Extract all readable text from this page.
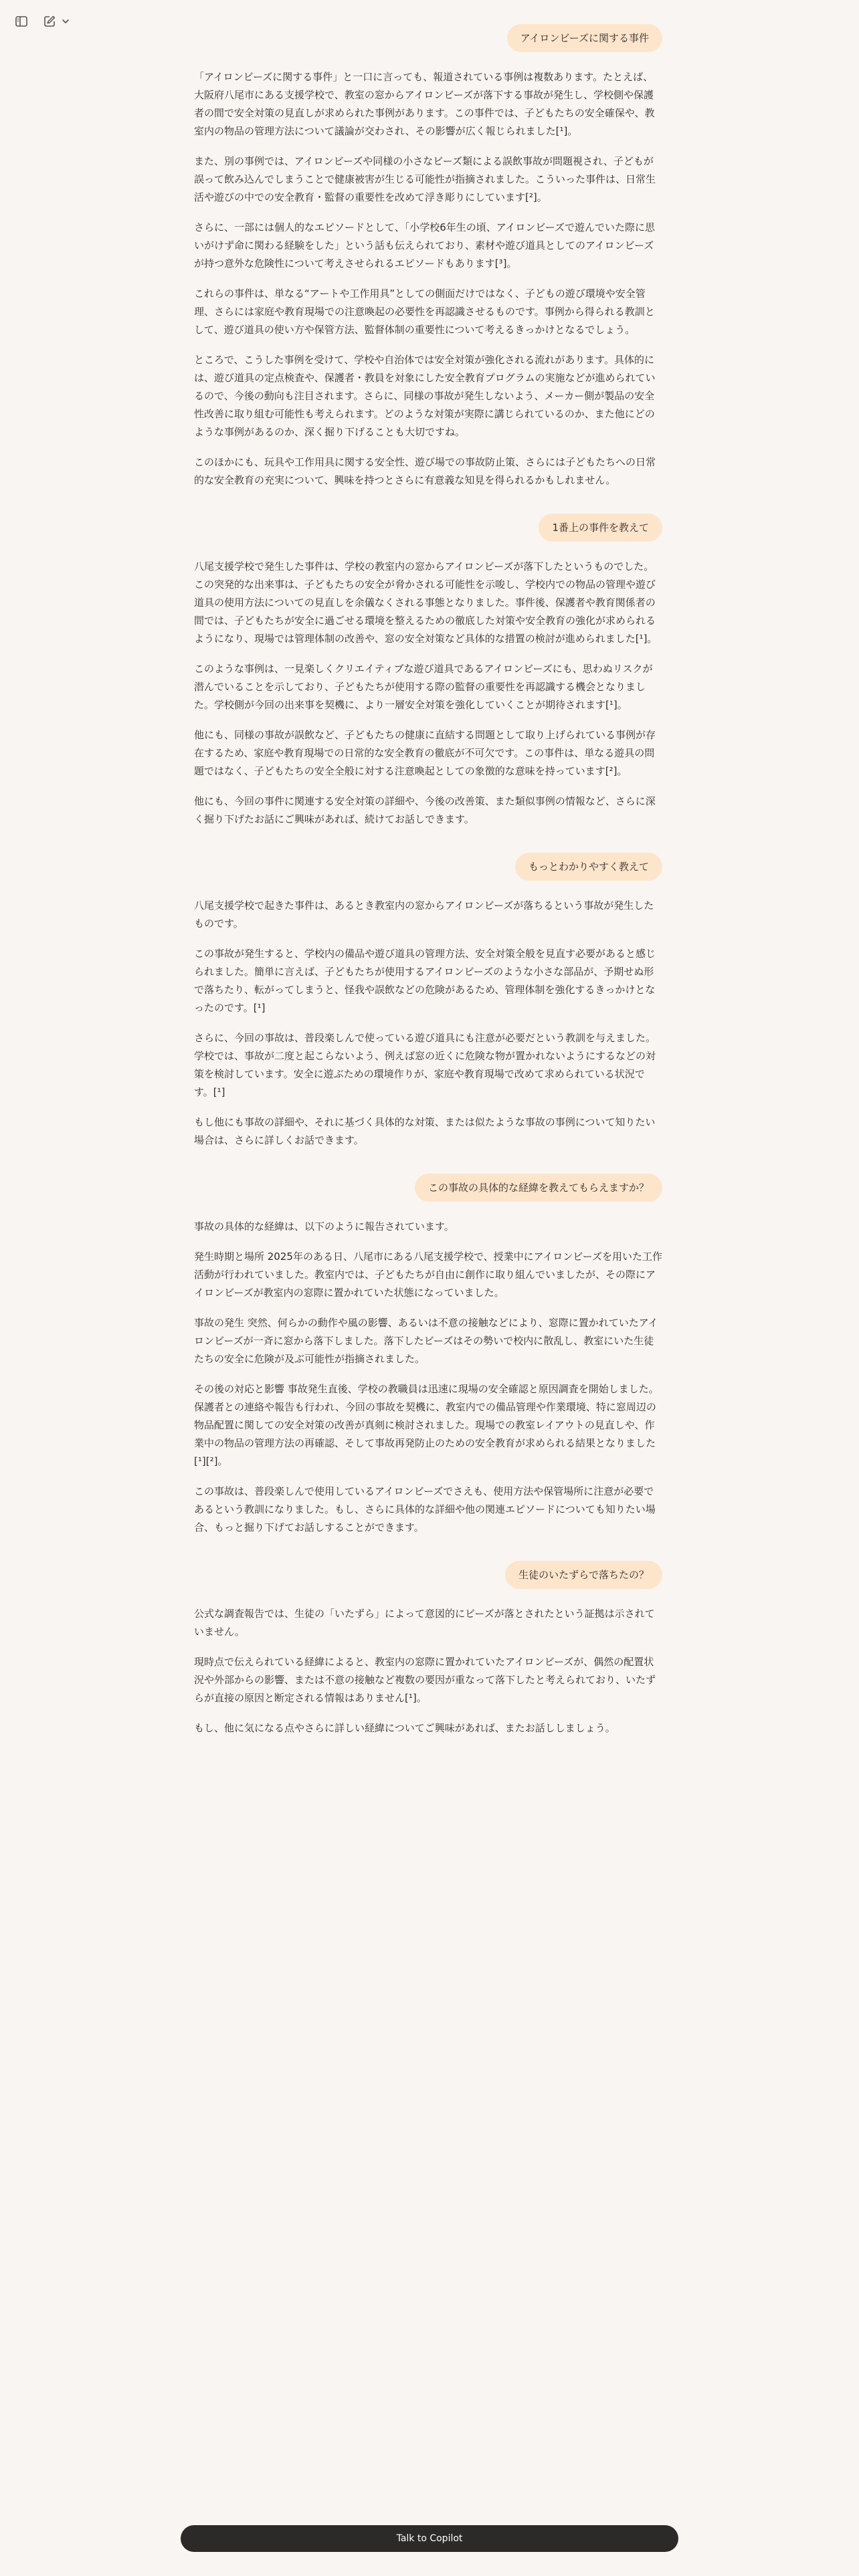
アイロンビーズに関する事件

「アイロンビーズに関する事件」と一口に言っても、報道されている事例は複数あります。たとえば、大阪府八尾市にある支援学校で、教室の窓からアイロンビーズが落下する事故が発生し、学校側や保護者の間で安全対策の見直しが求められた事例があります。この事件では、子どもたちの安全確保や、教室内の物品の管理方法について議論が交わされ、その影響が広く報じられました[¹]。

また、別の事例では、アイロンビーズや同様の小さなビーズ類による誤飲事故が問題視され、子どもが誤って飲み込んでしまうことで健康被害が生じる可能性が指摘されました。こういった事件は、日常生活や遊びの中での安全教育・監督の重要性を改めて浮き彫りにしています[²]。

さらに、一部には個人的なエピソードとして、「小学校6年生の頃、アイロンビーズで遊んでいた際に思いがけず命に関わる経験をした」という話も伝えられており、素材や遊び道具としてのアイロンビーズが持つ意外な危険性について考えさせられるエピソードもあります[³]。

これらの事件は、単なる“アートや工作用具”としての側面だけではなく、子どもの遊び環境や安全管理、さらには家庭や教育現場での注意喚起の必要性を再認識させるものです。事例から得られる教訓として、遊び道具の使い方や保管方法、監督体制の重要性について考えるきっかけとなるでしょう。

ところで、こうした事例を受けて、学校や自治体では安全対策が強化される流れがあります。具体的には、遊び道具の定点検査や、保護者・教員を対象にした安全教育プログラムの実施などが進められているので、今後の動向も注目されます。さらに、同様の事故が発生しないよう、メーカー側が製品の安全性改善に取り組む可能性も考えられます。どのような対策が実際に講じられているのか、また他にどのような事例があるのか、深く掘り下げることも大切ですね。

このほかにも、玩具や工作用具に関する安全性、遊び場での事故防止策、さらには子どもたちへの日常的な安全教育の充実について、興味を持つとさらに有意義な知見を得られるかもしれません。

1番上の事件を教えて

八尾支援学校で発生した事件は、学校の教室内の窓からアイロンビーズが落下したというものでした。この突発的な出来事は、子どもたちの安全が脅かされる可能性を示唆し、学校内での物品の管理や遊び道具の使用方法についての見直しを余儀なくされる事態となりました。事件後、保護者や教育関係者の間では、子どもたちが安全に過ごせる環境を整えるための徹底した対策や安全教育の強化が求められるようになり、現場では管理体制の改善や、窓の安全対策など具体的な措置の検討が進められました[¹]。

このような事例は、一見楽しくクリエイティブな遊び道具であるアイロンビーズにも、思わぬリスクが潜んでいることを示しており、子どもたちが使用する際の監督の重要性を再認識する機会となりました。学校側が今回の出来事を契機に、より一層安全対策を強化していくことが期待されます[¹]。

他にも、同様の事故が誤飲など、子どもたちの健康に直結する問題として取り上げられている事例が存在するため、家庭や教育現場での日常的な安全教育の徹底が不可欠です。この事件は、単なる遊具の問題ではなく、子どもたちの安全全般に対する注意喚起としての象徴的な意味を持っています[²]。

他にも、今回の事件に関連する安全対策の詳細や、今後の改善策、また類似事例の情報など、さらに深く掘り下げたお話にご興味があれば、続けてお話しできます。

もっとわかりやすく教えて

八尾支援学校で起きた事件は、あるとき教室内の窓からアイロンビーズが落ちるという事故が発生したものです。

この事故が発生すると、学校内の備品や遊び道具の管理方法、安全対策全般を見直す必要があると感じられました。簡単に言えば、子どもたちが使用するアイロンビーズのような小さな部品が、予期せぬ形で落ちたり、転がってしまうと、怪我や誤飲などの危険があるため、管理体制を強化するきっかけとなったのです。[¹]

さらに、今回の事故は、普段楽しんで使っている遊び道具にも注意が必要だという教訓を与えました。学校では、事故が二度と起こらないよう、例えば窓の近くに危険な物が置かれないようにするなどの対策を検討しています。安全に遊ぶための環境作りが、家庭や教育現場で改めて求められている状況です。[¹]

もし他にも事故の詳細や、それに基づく具体的な対策、または似たような事故の事例について知りたい場合は、さらに詳しくお話できます。

この事故の具体的な経緯を教えてもらえますか？

事故の具体的な経緯は、以下のように報告されています。

発生時期と場所 2025年のある日、八尾市にある八尾支援学校で、授業中にアイロンビーズを用いた工作活動が行われていました。教室内では、子どもたちが自由に創作に取り組んでいましたが、その際にアイロンビーズが教室内の窓際に置かれていた状態になっていました。

事故の発生 突然、何らかの動作や風の影響、あるいは不意の接触などにより、窓際に置かれていたアイロンビーズが一斉に窓から落下しました。落下したビーズはその勢いで校内に散乱し、教室にいた生徒たちの安全に危険が及ぶ可能性が指摘されました。

その後の対応と影響 事故発生直後、学校の教職員は迅速に現場の安全確認と原因調査を開始しました。保護者との連絡や報告も行われ、今回の事故を契機に、教室内での備品管理や作業環境、特に窓周辺の物品配置に関しての安全対策の改善が真剣に検討されました。現場での教室レイアウトの見直しや、作業中の物品の管理方法の再確認、そして事故再発防止のための安全教育が求められる結果となりました[¹][²]。

この事故は、普段楽しんで使用しているアイロンビーズでさえも、使用方法や保管場所に注意が必要であるという教訓になりました。もし、さらに具体的な詳細や他の関連エピソードについても知りたい場合、もっと掘り下げてお話しすることができます。

生徒のいたずらで落ちたの？

公式な調査報告では、生徒の「いたずら」によって意図的にビーズが落とされたという証拠は示されていません。

現時点で伝えられている経緯によると、教室内の窓際に置かれていたアイロンビーズが、偶然の配置状況や外部からの影響、または不意の接触など複数の要因が重なって落下したと考えられており、いたずらが直接の原因と断定される情報はありません[¹]。

もし、他に気になる点やさらに詳しい経緯についてご興味があれば、またお話ししましょう。

Talk to Copilot
